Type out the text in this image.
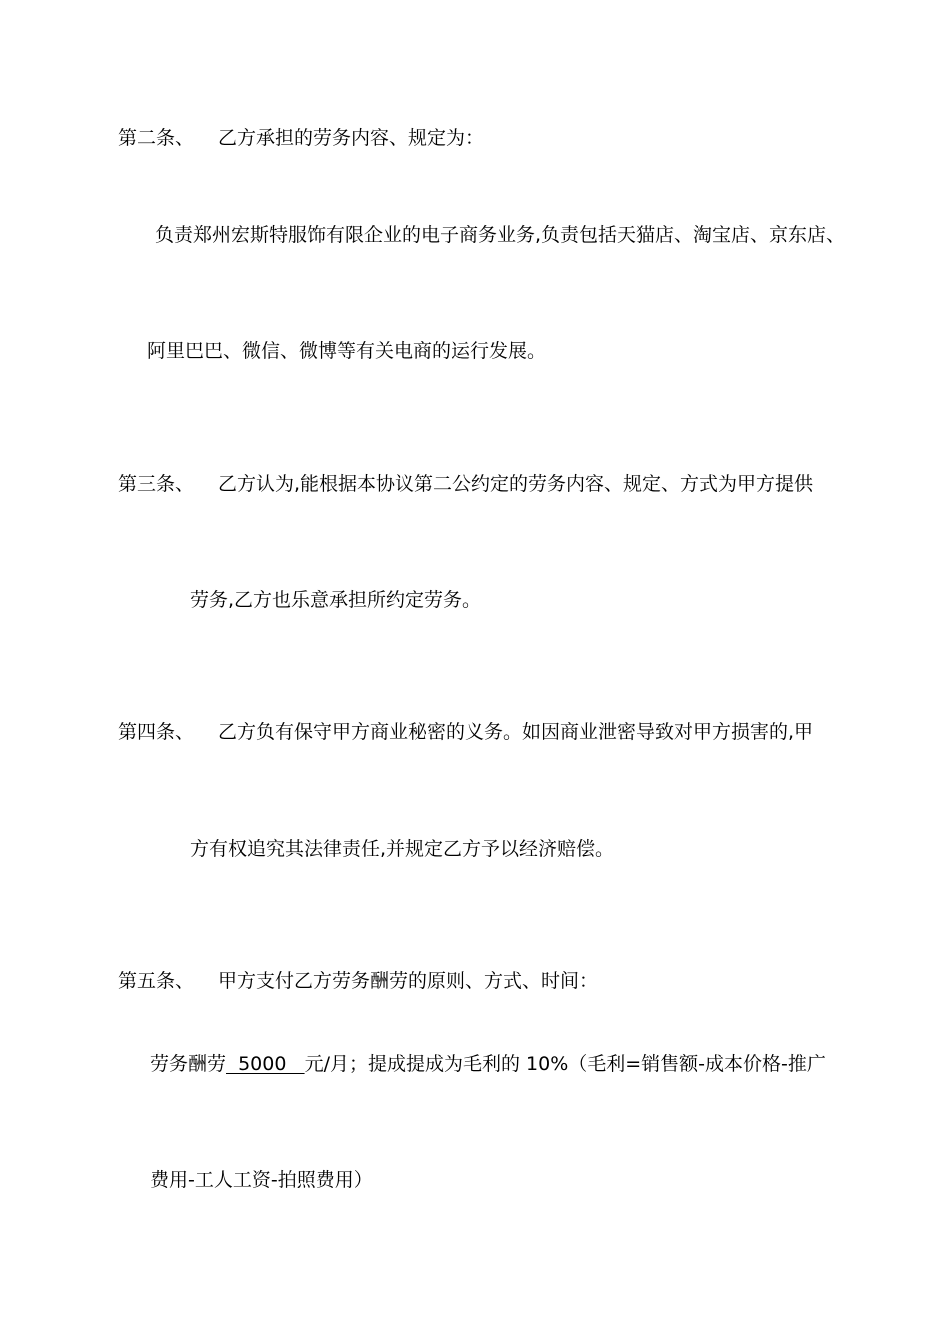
第二条、 乙方承担的劳务内容、规定为：

负责郑州宏斯特服饰有限企业的电子商务业务,负责包括天猫店、淘宝店、京东店、

阿里巴巴、微信、微博等有关电商的运行发展。

第三条、 乙方认为,能根据本协议第二公约定的劳务内容、规定、方式为甲方提供

劳务,乙方也乐意承担所约定劳务。

第四条、 乙方负有保守甲方商业秘密的义务。如因商业泄密导致对甲方损害的,甲

方有权追究其法律责任,并规定乙方予以经济赔偿。

第五条、 甲方支付乙方劳务酬劳的原则、方式、时间：

劳务酬劳  5000   元/月；提成提成为毛利的 10%（毛利=销售额-成本价格-推广

费用-工人工资-拍照费用）
